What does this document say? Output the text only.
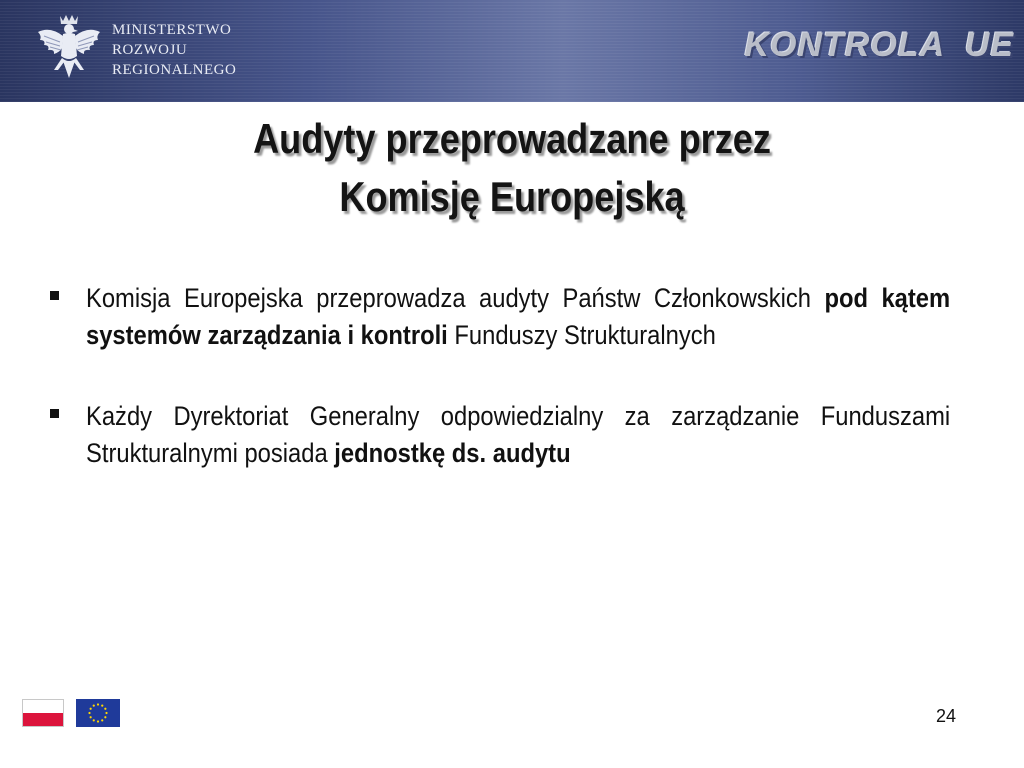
MINISTERSTWO
ROZWOJU
REGIONALNEGO
KONTROLA  UE
Audyty przeprowadzane przez
Komisję Europejską
Komisja Europejska przeprowadza audyty Państw Członkowskich pod kątem systemów zarządzania i kontroli Funduszy Strukturalnych
Każdy Dyrektoriat Generalny odpowiedzialny za zarządzanie Funduszami Strukturalnymi posiada jednostkę ds. audytu
24
